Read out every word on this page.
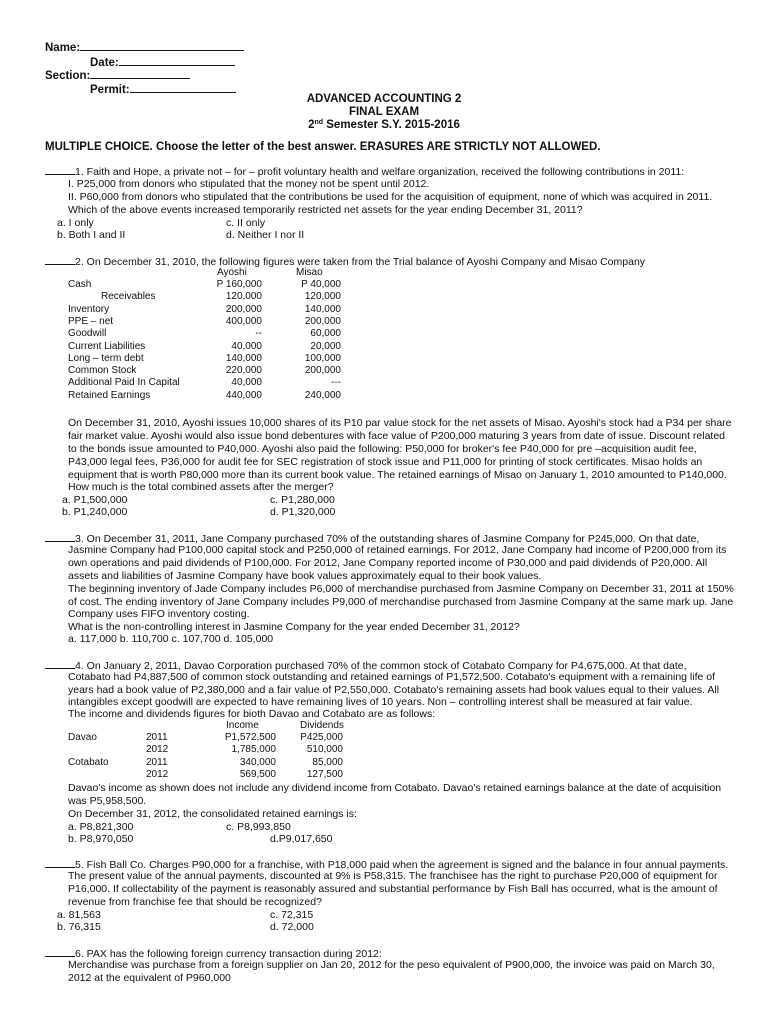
Name:
Date:
Section:
Permit:
ADVANCED ACCOUNTING 2
FINAL EXAM
2nd Semester S.Y. 2015-2016
MULTIPLE CHOICE. Choose the letter of the best answer. ERASURES ARE STRICTLY NOT ALLOWED.
1. Faith and Hope, a private not – for – profit voluntary health and welfare organization, received the following contributions in 2011:
I. P25,000 from donors who stipulated that the money not be spent until 2012.
II. P60,000 from donors who stipulated that the contributions be used for the acquisition of equipment, none of which was acquired in 2011.
Which of the above events increased temporarily restricted net assets for the year ending December 31, 2011?
a. I only
b. Both I and II
c. II only
d. Neither I nor II
2. On December 31, 2010, the following figures were taken from the Trial balance of Ayoshi Company and Misao Company
Ayoshi	Misao
Cash	P 160,000	P 40,000
Receivables	120,000	120,000
Inventory	200,000	140,000
PPE – net	400,000	200,000
Goodwill	--	60,000
Current Liabilities	40,000	20,000
Long – term debt	140,000	100,000
Common Stock	220,000	200,000
Additional Paid In Capital	40,000	---
Retained Earnings	440,000	240,000
On December 31, 2010, Ayoshi issues 10,000 shares of its P10 par value stock for the net assets of Misao. Ayoshi's stock had a P34 per share
fair market value. Ayoshi would also issue bond debentures with face value of P200,000 maturing 3 years from date of issue. Discount related
to the bonds issue amounted to P40,000. Ayoshi also paid the following: P50,000 for broker's fee P40,000 for pre –acquisition audit fee,
P43,000 legal fees, P36,000 for audit fee for SEC registration of stock issue and P11,000 for printing of stock certificates. Misao holds an
equipment that is worth P80,000 more than its current book value. The retained earnings of Misao on January 1, 2010 amounted to P140,000.
How much is the total combined assets after the merger?
a. P1,500,000
b. P1,240,000
c. P1,280,000
d. P1,320,000
3. On December 31, 2011, Jane Company purchased 70% of the outstanding shares of Jasmine Company for P245,000. On that date,
Jasmine Company had P100,000 capital stock and P250,000 of retained earnings. For 2012, Jane Company had income of P200,000 from its
own operations and paid dividends of P100,000. For 2012, Jane Company reported income of P30,000 and paid dividends of P20,000. All
assets and liabilities of Jasmine Company have book values approximately equal to their book values.
The beginning inventory of Jade Company includes P6,000 of merchandise purchased from Jasmine Company on December 31, 2011 at 150%
of cost. The ending inventory of Jane Company includes P9,000 of merchandise purchased from Jasmine Company at the same mark up. Jane
Company uses FIFO inventory costing.
What is the non-controlling interest in Jasmine Company for the year ended December 31, 2012?
a. 117,000 b. 110,700 c. 107,700 d. 105,000
4. On January 2, 2011, Davao Corporation purchased 70% of the common stock of Cotabato Company for P4,675,000. At that date,
Cotabato had P4,887,500 of common stock outstanding and retained earnings of P1,572,500. Cotabato's equipment with a remaining life of
years had a book value of P2,380,000 and a fair value of P2,550,000. Cotabato's remaining assets had book values equal to their values. All
intangibles except goodwill are expected to have remaining lives of 10 years. Non – controlling interest shall be measured at fair value.
The income and dividends figures for bioth Davao and Cotabato are as follows:
Income	Dividends
Davao	2011	P1,572,500	P425,000
2012	1,785,000	510,000
Cotabato	2011	340,000	85,000
2012	569,500	127,500
Davao's income as shown does not include any dividend income from Cotabato. Davao's retained earnings balance at the date of acquisition
was P5,958,500.
On December 31, 2012, the consolidated retained earnings is:
a. P8,821,300
b. P8,970,050
c. P8,993,850
d.P9,017,650
5. Fish Ball Co. Charges P90,000 for a franchise, with P18,000 paid when the agreement is signed and the balance in four annual payments.
The present value of the annual payments, discounted at 9% is P58,315. The franchisee has the right to purchase P20,000 of equipment for
P16,000. If collectability of the payment is reasonably assured and substantial performance by Fish Ball has occurred, what is the amount of
revenue from franchise fee that should be recognized?
a. 81,563
b. 76,315
c. 72,315
d. 72,000
6. PAX has the following foreign currency transaction during 2012:
Merchandise was purchase from a foreign supplier on Jan 20, 2012 for the peso equivalent of P900,000, the invoice was paid on March 30,
2012 at the equivalent of P960,000
